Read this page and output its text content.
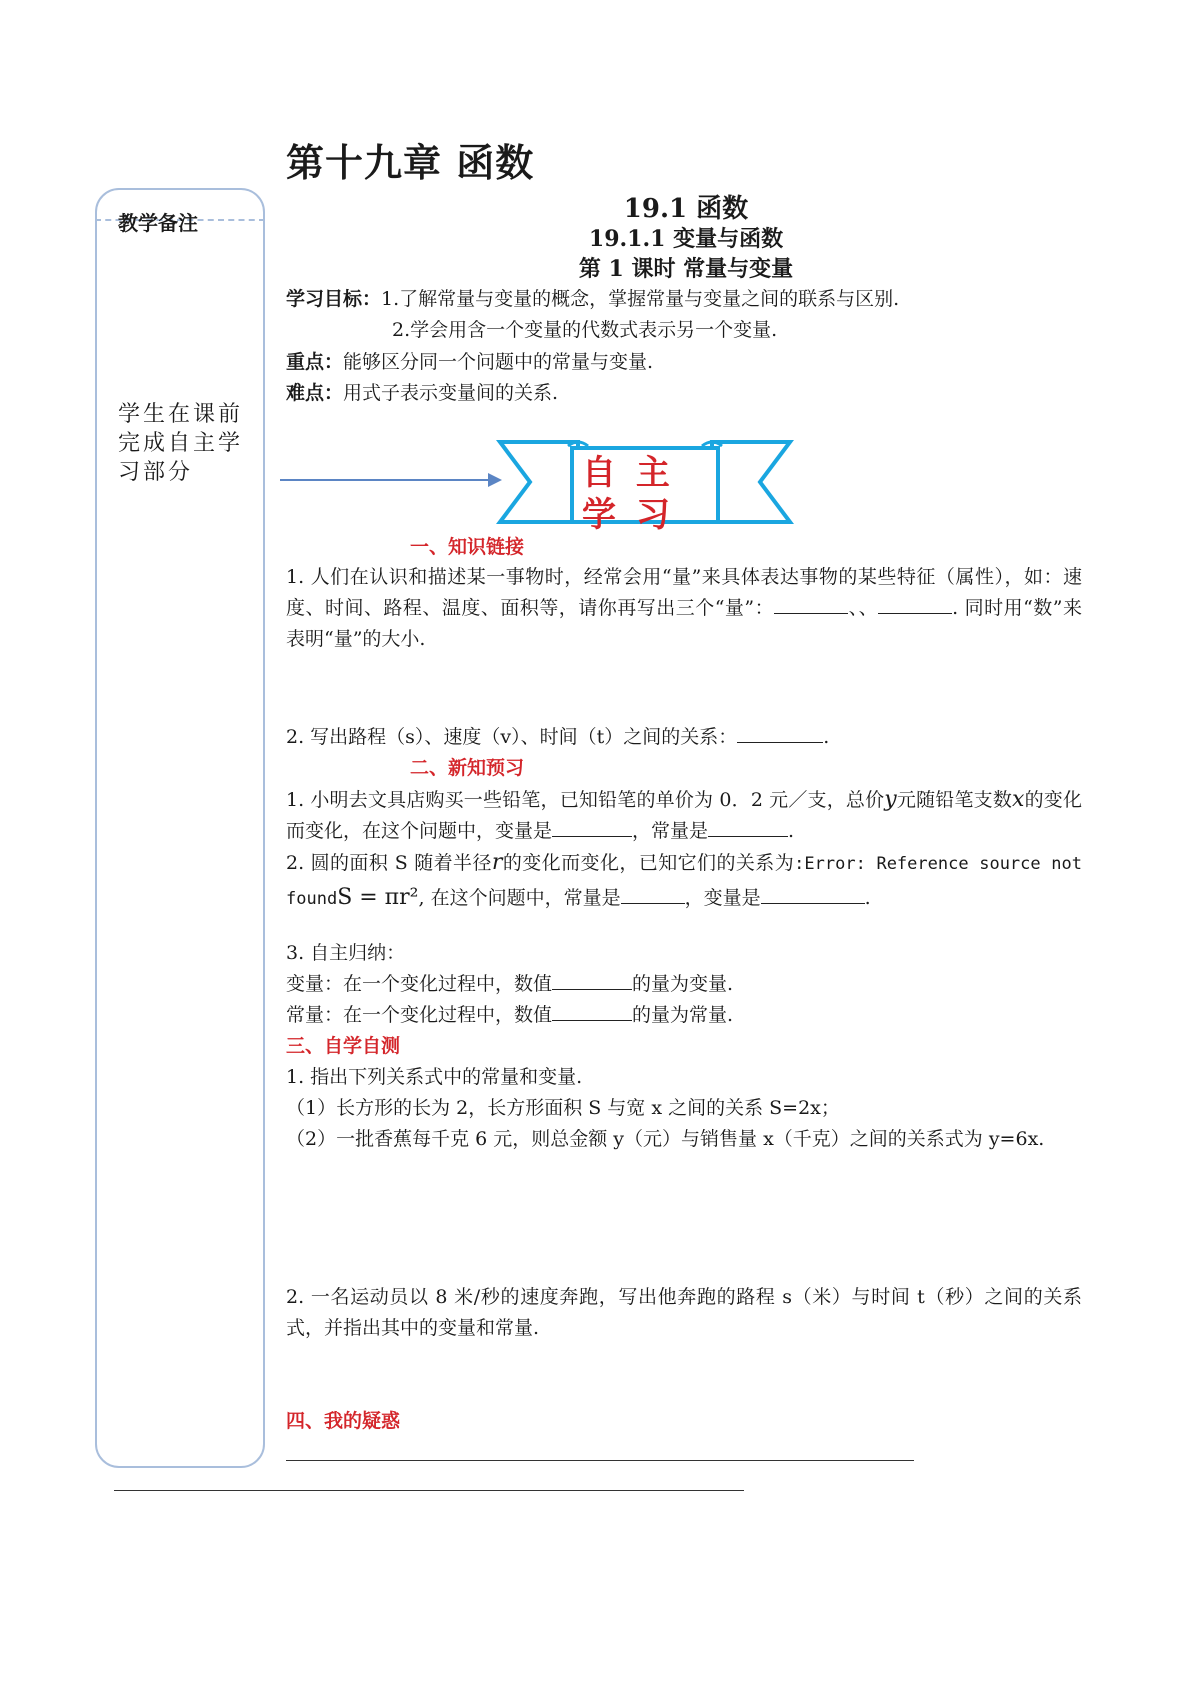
第十九章 函数
教学备注
学生在课前完成自主学习部分
19.1 函数
19.1.1 变量与函数
第 1 课时 常量与变量
学习目标：1.了解常量与变量的概念，掌握常量与变量之间的联系与区别.
2.学会用含一个变量的代数式表示另一个变量.
重点：能够区分同一个问题中的常量与变量.
难点：用式子表示变量间的关系.
自 主 学 习
一、知识链接
1. 人们在认识和描述某一事物时，经常会用“量”来具体表达事物的某些特征（属性），如：速度、时间、路程、温度、面积等，请你再写出三个“量”：	、、	. 同时用“数”来表明“量”的大小.
2. 写出路程（s）、速度（v）、时间（t）之间的关系：	.
二、新知预习
1. 小明去文具店购买一些铅笔，已知铅笔的单价为 0．2 元／支，总价y元随铅笔支数x的变化而变化，在这个问题中，变量是	，常量是	.
2. 圆的面积 S 随着半径r的变化而变化，已知它们的关系为:Error: Reference source not foundS = πr², 在这个问题中，常量是	，变量是	.
3. 自主归纳：
变量：在一个变化过程中，数值	的量为变量.
常量：在一个变化过程中，数值	的量为常量.
三、自学自测
1. 指出下列关系式中的常量和变量.
（1）长方形的长为 2，长方形面积 S 与宽 x 之间的关系 S=2x；
（2）一批香蕉每千克 6 元，则总金额 y（元）与销售量 x（千克）之间的关系式为 y=6x.
2. 一名运动员以 8 米/秒的速度奔跑，写出他奔跑的路程 s（米）与时间 t（秒）之间的关系式，并指出其中的变量和常量.
四、我的疑惑
